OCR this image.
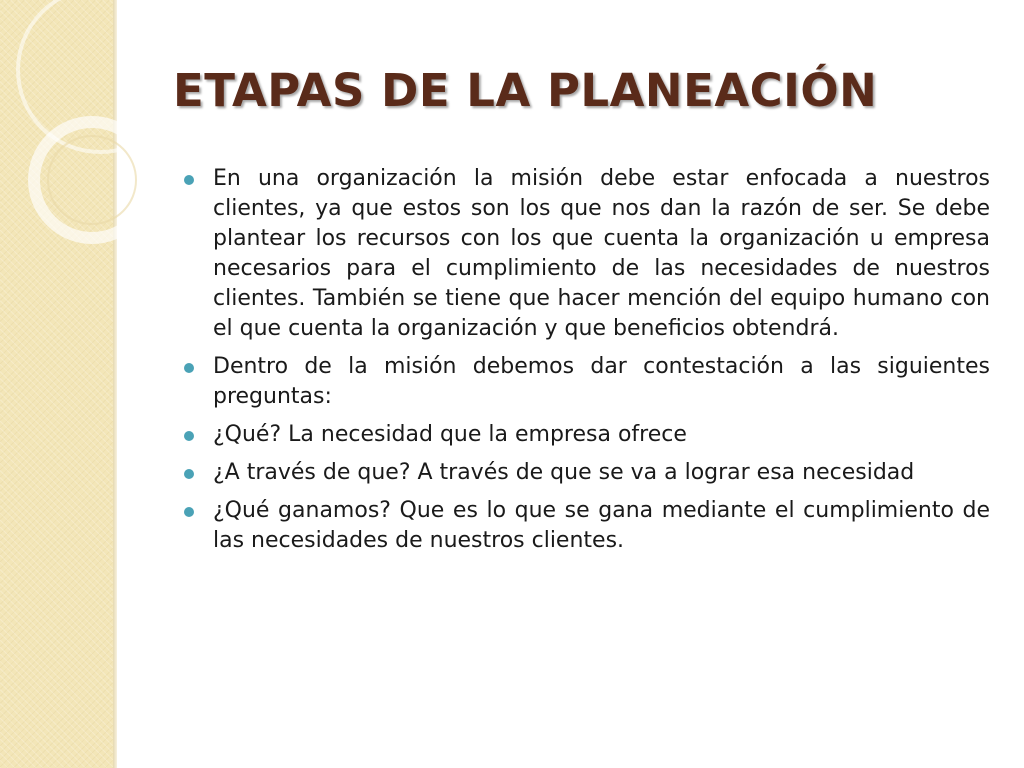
ETAPAS DE LA PLANEACIÓN
En una organización la misión debe estar enfocada a nuestros clientes, ya que estos son los que nos dan la razón de ser. Se debe plantear los recursos con los que cuenta la organización u empresa necesarios para el cumplimiento de las necesidades de nuestros clientes. También se tiene que hacer mención del equipo humano con el que cuenta la organización y que beneficios obtendrá.
Dentro de la misión debemos dar contestación a las siguientes preguntas:
¿Qué? La necesidad que la empresa ofrece
¿A través de que? A través de que se va a lograr esa necesidad
¿Qué ganamos? Que es lo que se gana mediante el cumplimiento de las necesidades de nuestros clientes.
